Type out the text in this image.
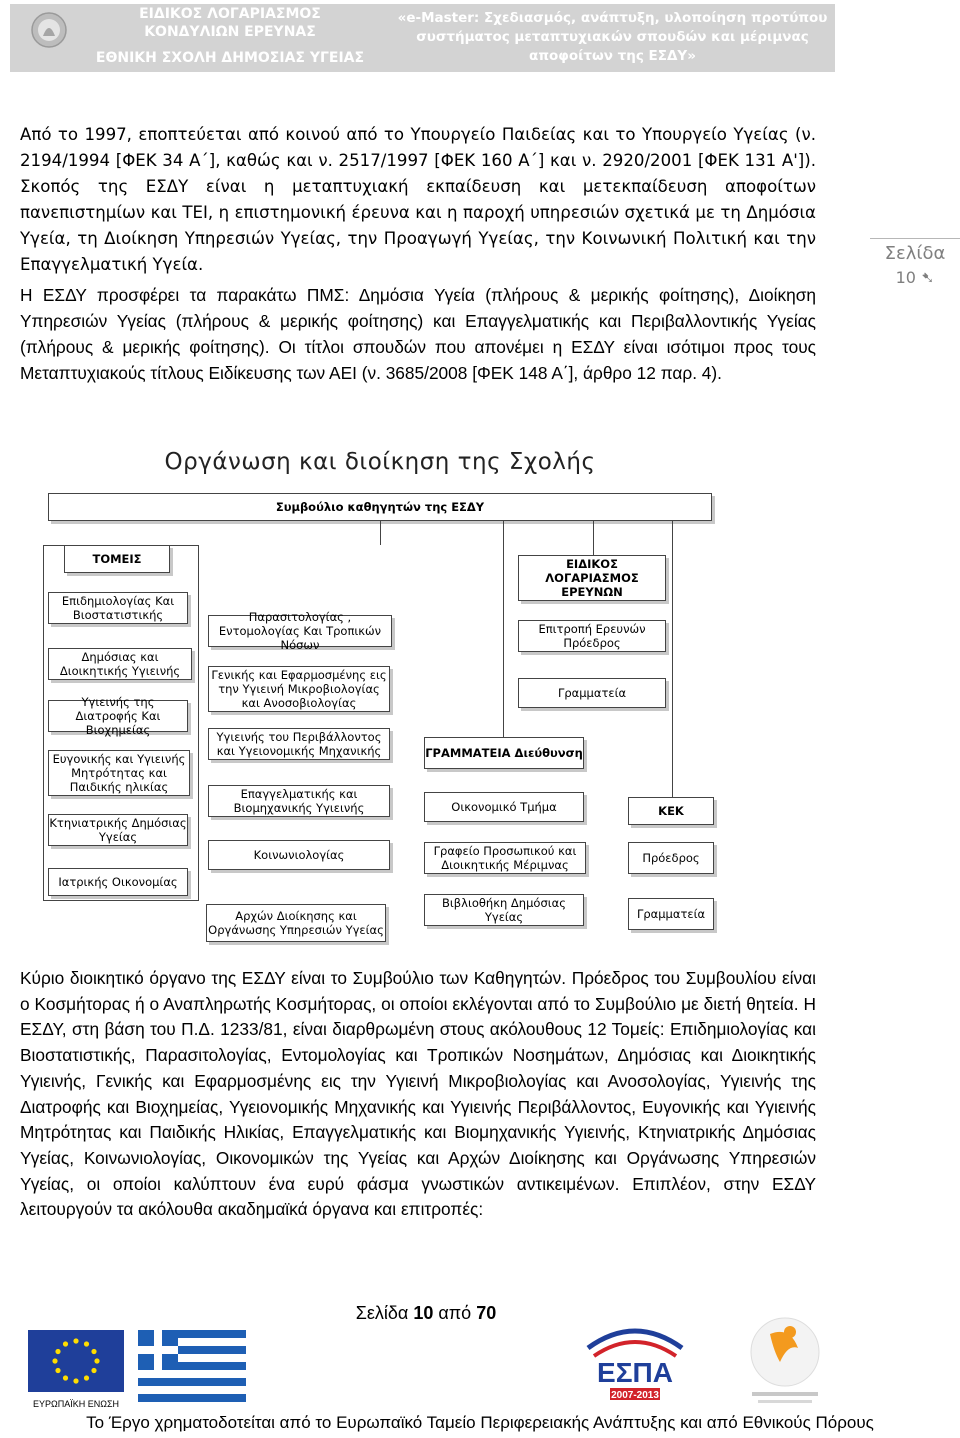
ΕΙΔΙΚΟΣ ΛΟΓΑΡΙΑΣΜΟΣ
ΚΟΝΔΥΛΙΩΝ ΕΡΕΥΝΑΣ
ΕΘΝΙΚΗ ΣΧΟΛΗ ΔΗΜΟΣΙΑΣ ΥΓΕΙΑΣ
«e-Master: Σχεδιασμός, ανάπτυξη, υλοποίηση προτύπου
συστήματος μεταπτυχιακών σπουδών και μέριμνας
αποφοίτων της ΕΣΔΥ»

Από το 1997, εποπτεύεται από κοινού από το Υπουργείο Παιδείας και το Υπουργείο Υγείας (ν. 2194/1994 [ΦΕΚ 34 Α΄], καθώς και ν. 2517/1997 [ΦΕΚ 160 Α΄] και ν. 2920/2001 [ΦΕΚ 131 Α']). Σκοπός της ΕΣΔΥ είναι η μεταπτυχιακή εκπαίδευση και μετεκπαίδευση αποφοίτων πανεπιστημίων και ΤΕΙ, η επιστημονική έρευνα και η παροχή υπηρεσιών σχετικά με τη Δημόσια Υγεία, τη Διοίκηση Υπηρεσιών Υγείας, την Προαγωγή Υγείας, την Κοινωνική Πολιτική και την Επαγγελματική Υγεία.

Η ΕΣΔΥ προσφέρει τα παρακάτω ΠΜΣ: Δημόσια Υγεία (πλήρους & μερικής φοίτησης), Διοίκηση Υπηρεσιών Υγείας (πλήρους & μερικής φοίτησης) και Επαγγελματικής και Περιβαλλοντικής Υγείας (πλήρους & μερικής φοίτησης). Οι τίτλοι σπουδών που απονέμει η ΕΣΔΥ είναι ισότιμοι προς τους Μεταπτυχιακούς τίτλους Ειδίκευσης των ΑΕΙ (ν. 3685/2008 [ΦΕΚ 148 Α΄], άρθρο 12 παρ. 4).

Σελίδα
10 ➷
Οργάνωση και διοίκηση της Σχολής
Συμβούλιο καθηγητών της ΕΣΔΥ
ΤΟΜΕΙΣ
Επιδημιολογίας Και Βιοστατιστικής
Δημόσιας και Διοικητικής Υγιεινής
Υγιεινής της Διατροφής Και Βιοχημείας
Ευγονικής και Υγιεινής Μητρότητας και Παιδικής ηλικίας
Κτηνιατρικής Δημόσιας Υγείας
Ιατρικής Οικονομίας
Παρασιτολογίας , Εντομολογίας Και Τροπικών Νόσων
Γενικής και Εφαρμοσμένης εις την Υγιεινή Μικροβιολογίας και Ανοσοβιολογίας
Υγιεινής του Περιβάλλοντος και Υγειονομικής Μηχανικής
Επαγγελματικής και Βιομηχανικής Υγιεινής
Κοινωνιολογίας
Αρχών Διοίκησης και Οργάνωσης Υπηρεσιών Υγείας
ΓΡΑΜΜΑΤΕΙΑ Διεύθυνση
Οικονομικό Τμήμα
Γραφείο Προσωπικού και Διοικητικής Μέριμνας
Βιβλιοθήκη Δημόσιας Υγείας
ΕΙΔΙΚΟΣ ΛΟΓΑΡΙΑΣΜΟΣ ΕΡΕΥΝΩΝ
Επιτροπή Ερευνών Πρόεδρος
Γραμματεία
ΚΕΚ
Πρόεδρος
Γραμματεία

Κύριο διοικητικό όργανο της ΕΣΔΥ είναι το Συμβούλιο των Καθηγητών. Πρόεδρος του Συμβουλίου είναι ο Κοσμήτορας ή ο Αναπληρωτής Κοσμήτορας, οι οποίοι εκλέγονται από το Συμβούλιο με διετή θητεία. Η ΕΣΔΥ, στη βάση του Π.Δ. 1233/81, είναι διαρθρωμένη στους ακόλουθους 12 Τομείς: Επιδημιολογίας και Βιοστατιστικής, Παρασιτολογίας, Εντομολογίας και Τροπικών Νοσημάτων, Δημόσιας και Διοικητικής Υγιεινής, Γενικής και Εφαρμοσμένης εις την Υγιεινή Μικροβιολογίας και Ανοσολογίας, Υγιεινής της Διατροφής και Βιοχημείας, Υγειονομικής Μηχανικής και Υγιεινής Περιβάλλοντος, Ευγονικής και Υγιεινής Μητρότητας και Παιδικής Ηλικίας, Επαγγελματικής και Βιομηχανικής Υγιεινής, Κτηνιατρικής Δημόσιας Υγείας, Κοινωνιολογίας, Οικονομικών της Υγείας και Αρχών Διοίκησης και Οργάνωσης Υπηρεσιών Υγείας, οι οποίοι καλύπτουν ένα ευρύ φάσμα γνωστικών αντικειμένων. Επιπλέον, στην ΕΣΔΥ λειτουργούν τα ακόλουθα ακαδημαϊκά όργανα και επιτροπές:

Σελίδα 10 από 70
ΕΥΡΩΠΑΪΚΗ ΕΝΩΣΗ
ΕΣΠΑ
2007-2013
Το Έργο χρηματοδοτείται από το Ευρωπαϊκό Ταμείο Περιφερειακής Ανάπτυξης και από Εθνικούς Πόρους
